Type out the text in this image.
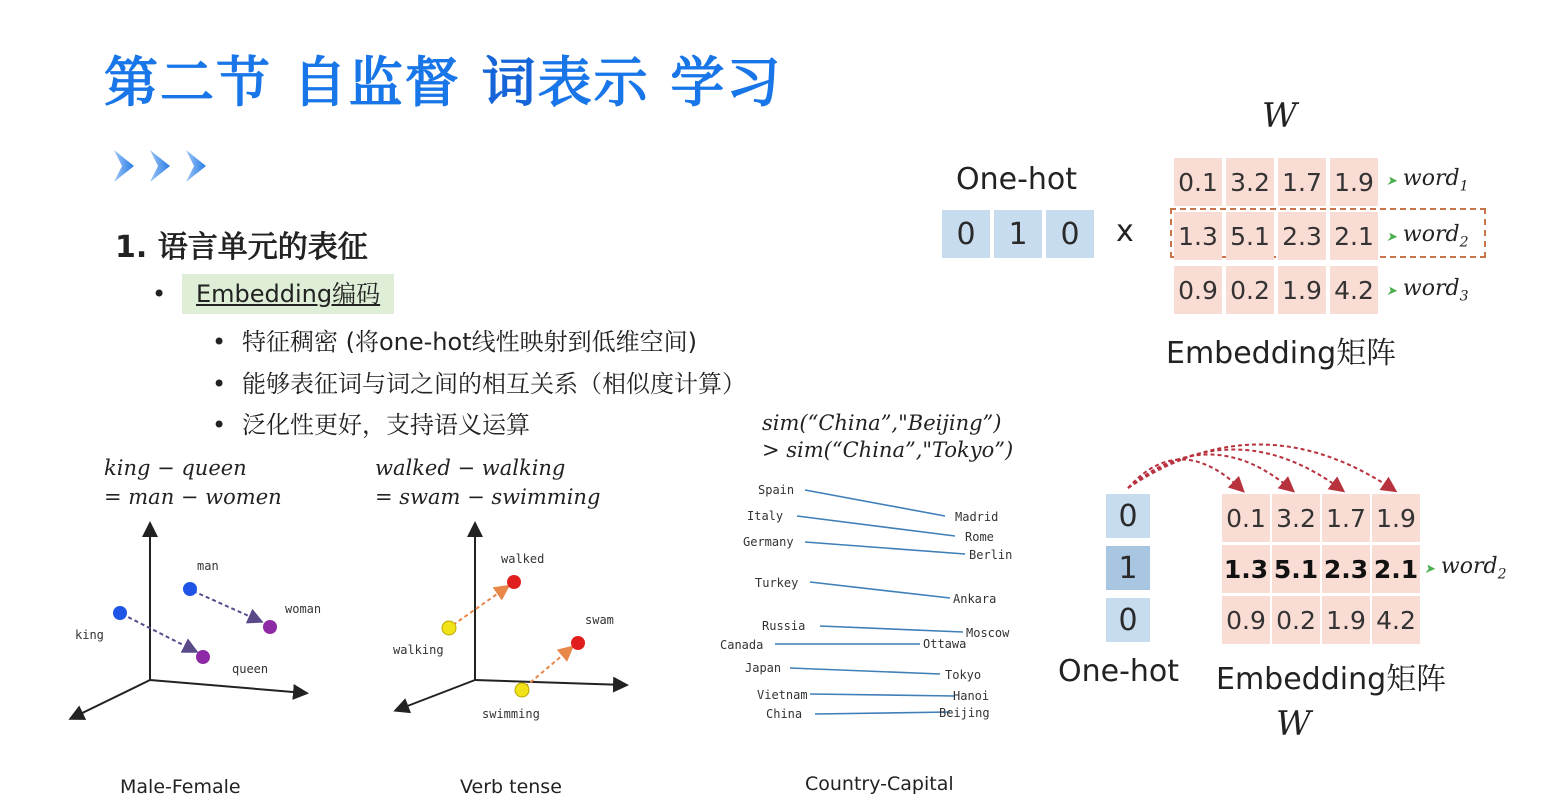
第二节 自监督 词表示 学习
1. 语言单元的表征
• Embedding编码
• 特征稠密 (将one-hot线性映射到低维空间)
• 能够表征词与词之间的相互关系（相似度计算）
• 泛化性更好，支持语义运算
king − queen
= man − women
walked − walking
= swam − swimming
sim(“China”,"Beijing”)
> sim(“China”,"Tokyo”)
man
woman
king
queen
Male-Female
walked
walking
swam
swimming
Verb tense
Spain
Italy
Germany
Turkey
Russia
Canada
Japan
Vietnam
China
Madrid
Rome
Berlin
Ankara
Moscow
Ottawa
Tokyo
Hanoi
Beijing
Country-Capital
W
One-hot
0	1	0	x
0.1 3.2 1.7 1.9
1.3 5.1 2.3 2.1
0.9 0.2 1.9 4.2
➤ word$_1$
➤ word$_2$
➤ word$_3$
Embedding矩阵
0
1
0
0.1 3.2 1.7 1.9
1.3 5.1 2.3 2.1
0.9 0.2 1.9 4.2
➤ word$_2$
One-hot Embedding矩阵
W
